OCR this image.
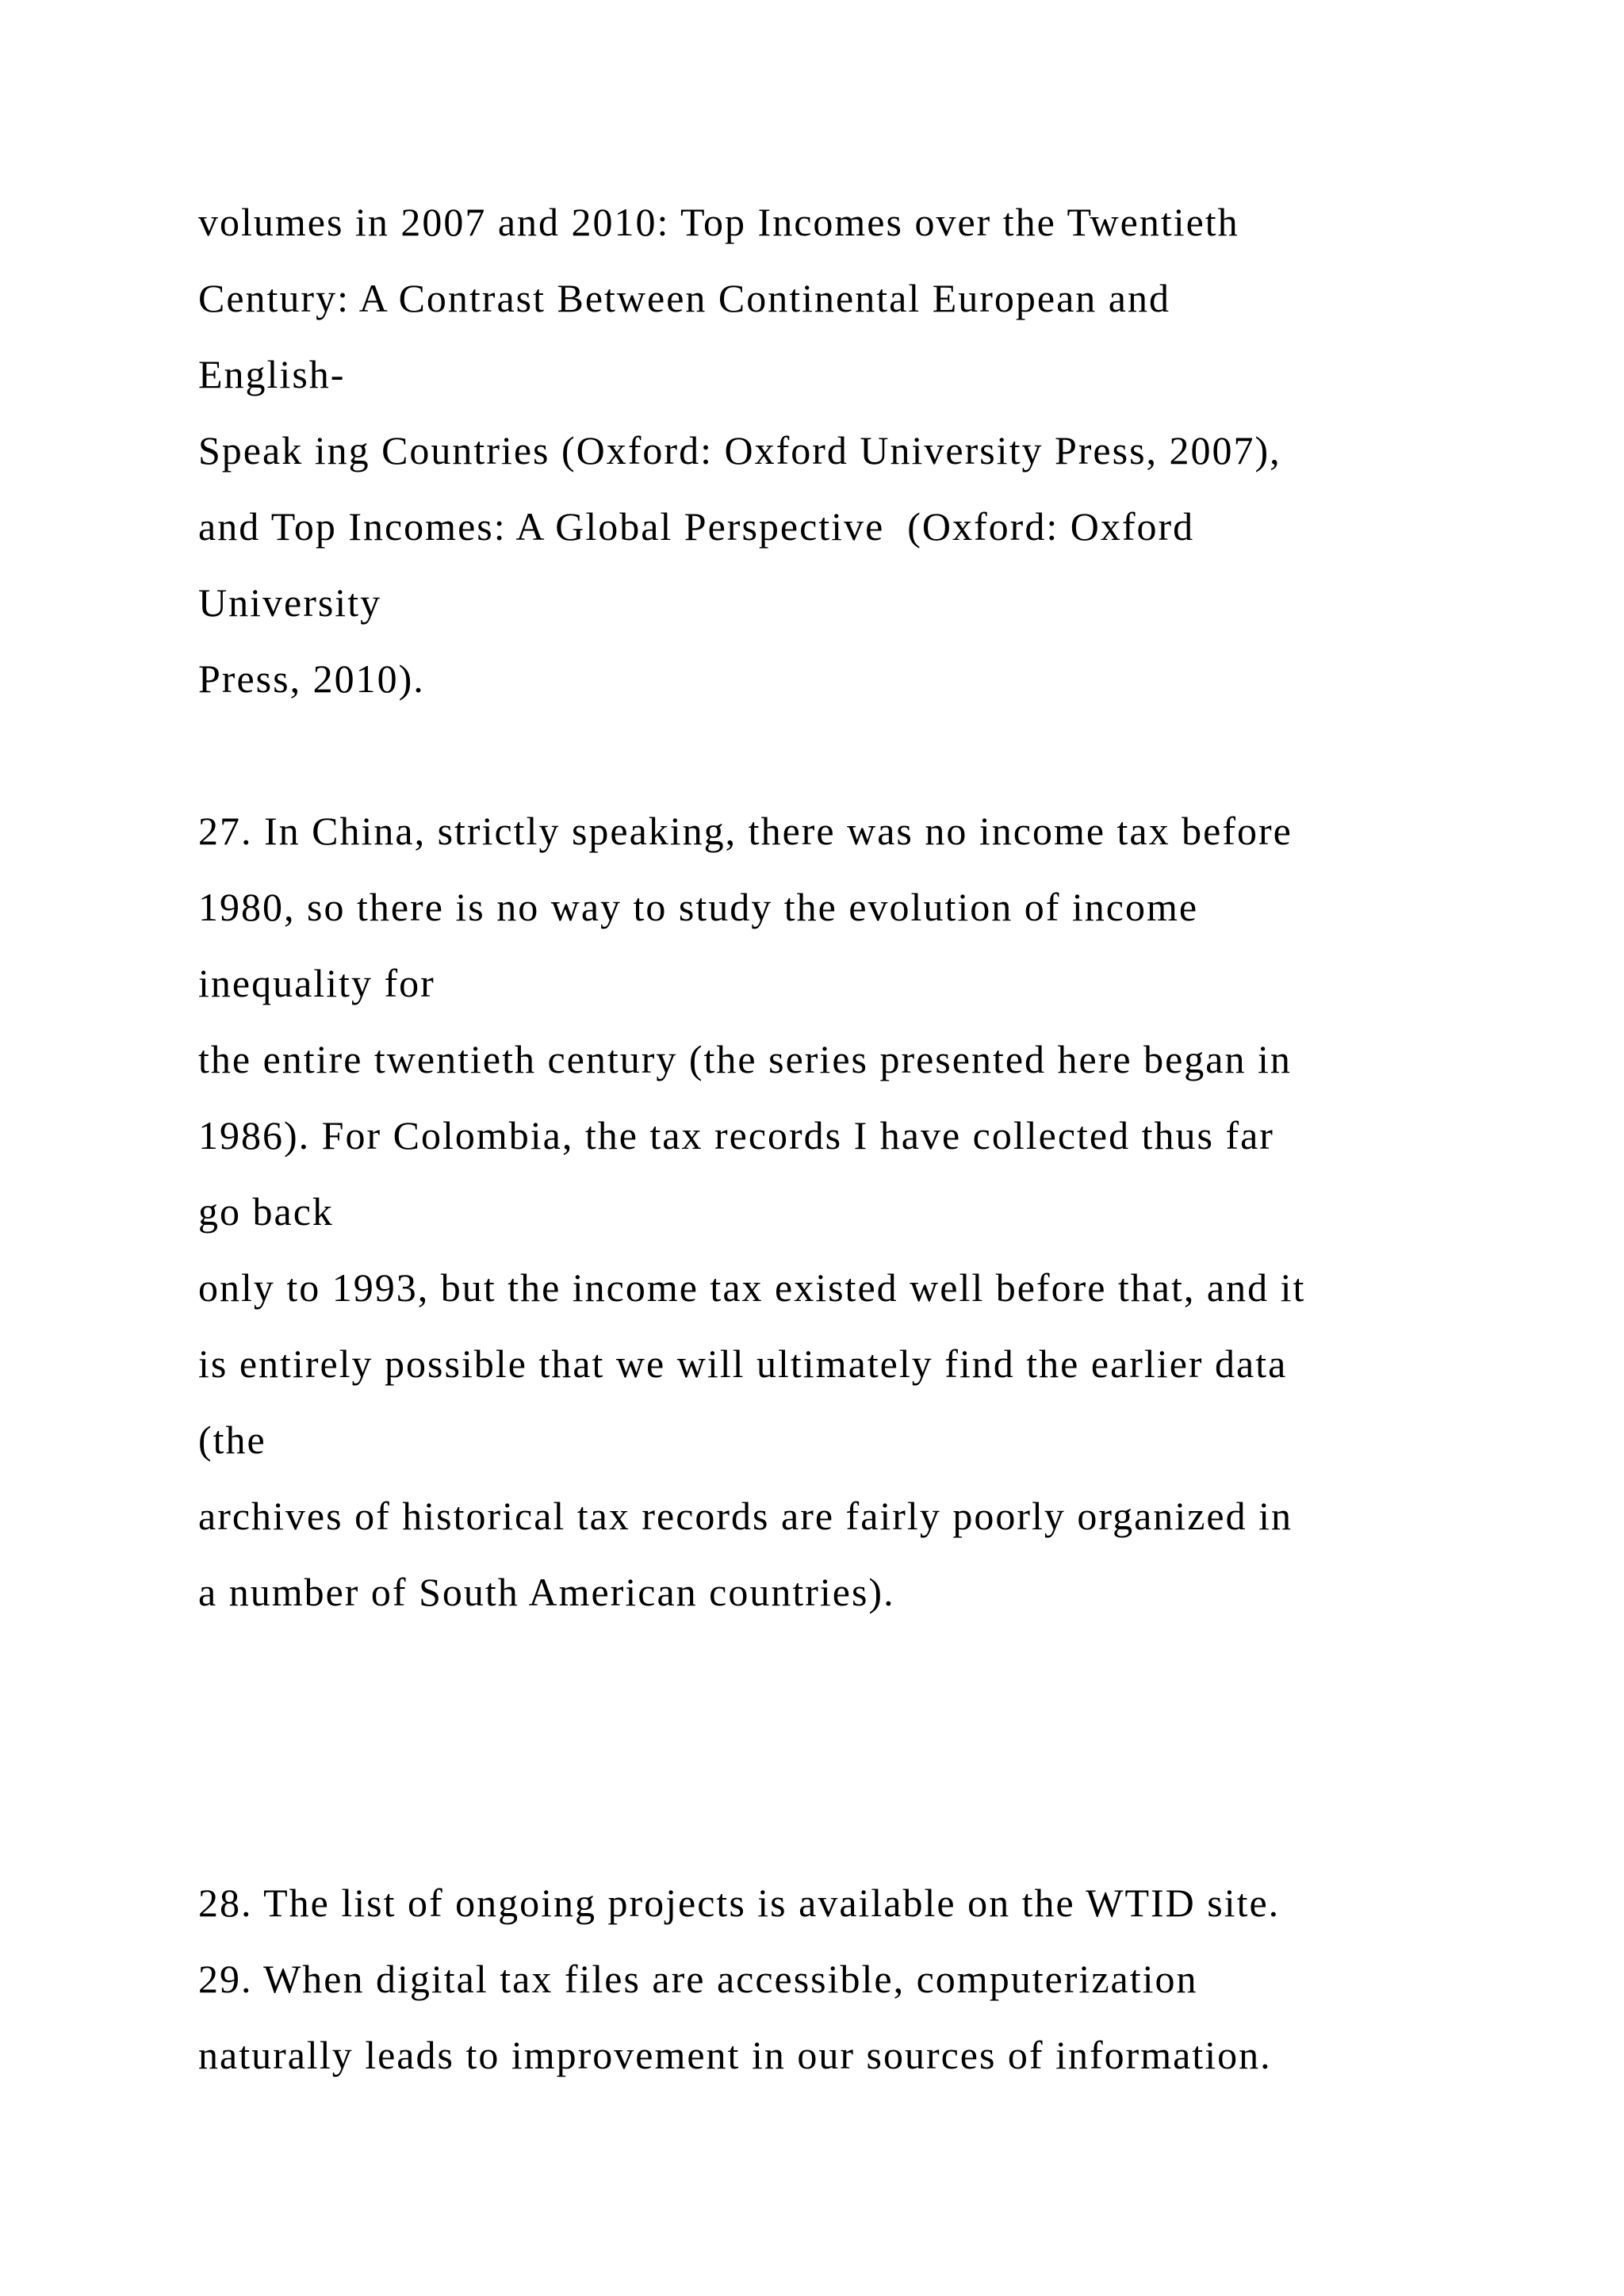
volumes in 2007 and 2010: Top Incomes over the Twentieth
Century: A Contrast Between Continental European and
English-
Speak ing Countries (Oxford: Oxford University Press, 2007),
and Top Incomes: A Global Perspective  (Oxford: Oxford
University
Press, 2010).
27. In China, strictly speaking, there was no income tax before
1980, so there is no way to study the evolution of income
inequality for
the entire twentieth century (the series presented here began in
1986). For Colombia, the tax records I have collected thus far
go back
only to 1993, but the income tax existed well before that, and it
is entirely possible that we will ultimately find the earlier data
(the
archives of historical tax records are fairly poorly organized in
a number of South American countries).
28. The list of ongoing projects is available on the WTID site.
29. When digital tax files are accessible, computerization
naturally leads to improvement in our sources of information.
